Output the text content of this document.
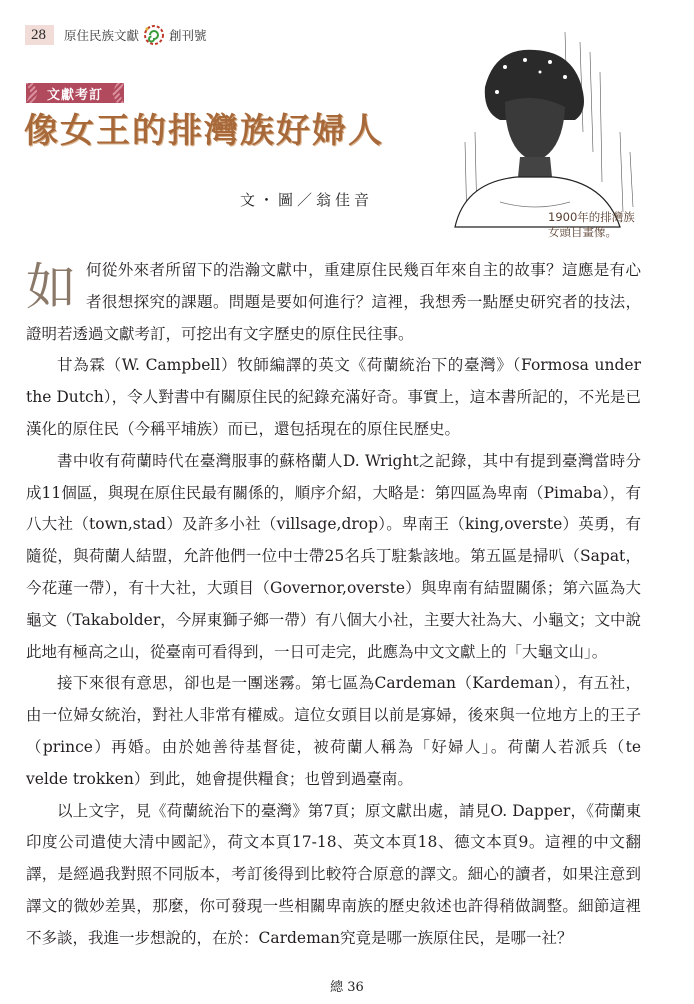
28	原住民族文獻 創刊號
文獻考訂
像女王的排灣族好婦人
文・圖／翁佳音
1900年的排灣族
女頭目畫像。

如 何從外來者所留下的浩瀚文獻中，重建原住民幾百年來自主的故事？這應是有心者很想探究的課題。問題是要如何進行？這裡，我想秀一點歷史研究者的技法，證明若透過文獻考訂，可挖出有文字歷史的原住民往事。

甘為霖（W. Campbell）牧師編譯的英文《荷蘭統治下的臺灣》（Formosa under the Dutch），令人對書中有關原住民的紀錄充滿好奇。事實上，這本書所記的，不光是已漢化的原住民（今稱平埔族）而已，還包括現在的原住民歷史。

書中收有荷蘭時代在臺灣服事的蘇格蘭人D. Wright之記錄，其中有提到臺灣當時分成11個區，與現在原住民最有關係的，順序介紹，大略是：第四區為卑南（Pimaba），有八大社（town,stad）及許多小社（villsage,drop）。卑南王（king,overste）英勇，有隨從，與荷蘭人結盟，允許他們一位中士帶25名兵丁駐紮該地。第五區是掃叭（Sapat，今花蓮一帶），有十大社，大頭目（Governor,overste）與卑南有結盟關係；第六區為大龜文（Takabolder，今屏東獅子鄉一帶）有八個大小社，主要大社為大、小龜文；文中說此地有極高之山，從臺南可看得到，一日可走完，此應為中文文獻上的「大龜文山」。

接下來很有意思，卻也是一團迷霧。第七區為Cardeman（Kardeman），有五社，由一位婦女統治，對社人非常有權威。這位女頭目以前是寡婦，後來與一位地方上的王子（prince）再婚。由於她善待基督徒，被荷蘭人稱為「好婦人」。荷蘭人若派兵（te velde trokken）到此，她會提供糧食；也曾到過臺南。

以上文字，見《荷蘭統治下的臺灣》第7頁；原文獻出處，請見O. Dapper，《荷蘭東印度公司遣使大清中國記》，荷文本頁17-18、英文本頁18、德文本頁9。這裡的中文翻譯，是經過我對照不同版本，考訂後得到比較符合原意的譯文。細心的讀者，如果注意到譯文的微妙差異，那麼，你可發現一些相關卑南族的歷史敘述也許得稍做調整。細節這裡不多談，我進一步想說的，在於：Cardeman究竟是哪一族原住民，是哪一社？

總 36
